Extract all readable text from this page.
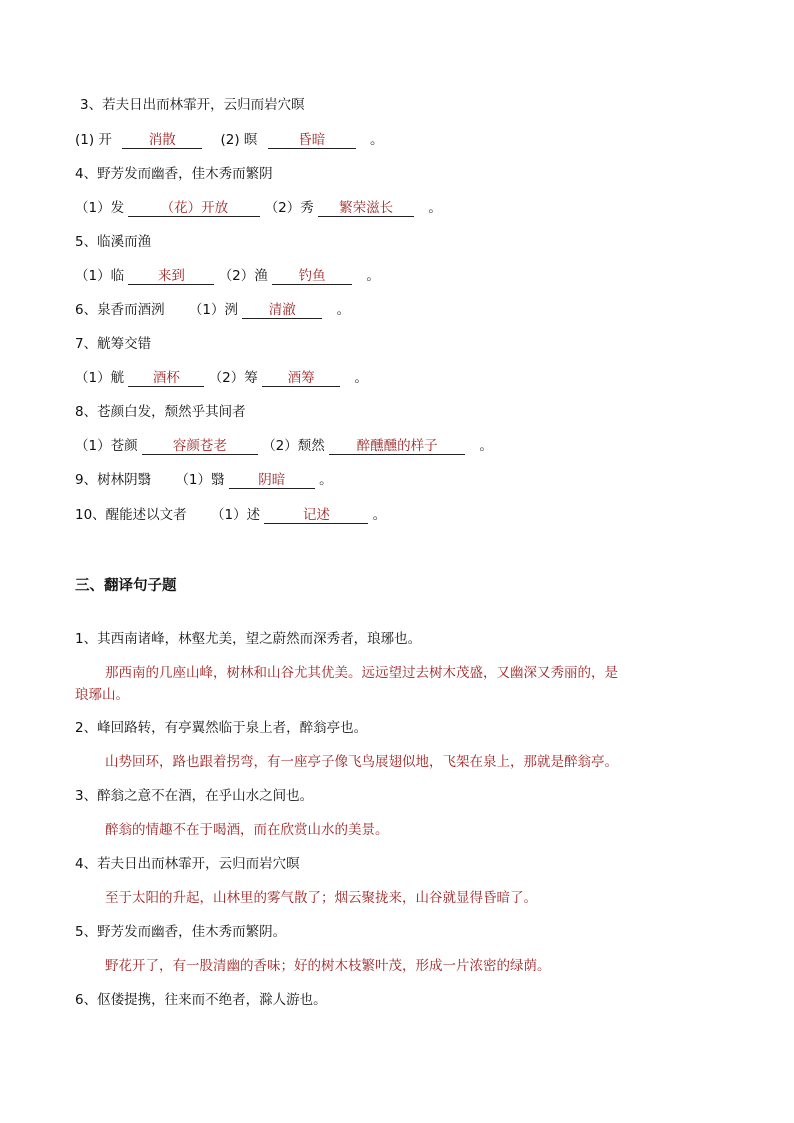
3、若夫日出而林霏开，云归而岩穴暝
(1) 开	消散	(2) 暝	昏暗	。
4、野芳发而幽香，佳木秀而繁阴
（1）发	（花）开放	（2）秀 繁荣滋长	。
5、临溪而渔
（1）临	来到	（2）渔 钓鱼	。
6、泉香而酒洌 （1）洌 清澈	。
7、觥筹交错
（1）觥 酒杯 （2）筹 酒筹	。
8、苍颜白发，颓然乎其间者
（1）苍颜	容颜苍老	（2）颓然 醉醺醺的样子	。
9、树林阴翳 （1）翳	阴暗	。
10、醒能述以文者 （1）述	记述	。
三、翻译句子题
1、其西南诸峰，林壑尤美，望之蔚然而深秀者，琅琊也。
那西南的几座山峰，树林和山谷尤其优美。远远望过去树木茂盛，又幽深又秀丽的，是
琅琊山。
2、峰回路转，有亭翼然临于泉上者，醉翁亭也。
山势回环，路也跟着拐弯，有一座亭子像飞鸟展翅似地，飞架在泉上，那就是醉翁亭。
3、醉翁之意不在酒，在乎山水之间也。
醉翁的情趣不在于喝酒，而在欣赏山水的美景。
4、若夫日出而林霏开，云归而岩穴暝
至于太阳的升起，山林里的雾气散了；烟云聚拢来，山谷就显得昏暗了。
5、野芳发而幽香，佳木秀而繁阴。
野花开了，有一股清幽的香味；好的树木枝繁叶茂，形成一片浓密的绿荫。
6、伛偻提携，往来而不绝者，滁人游也。
